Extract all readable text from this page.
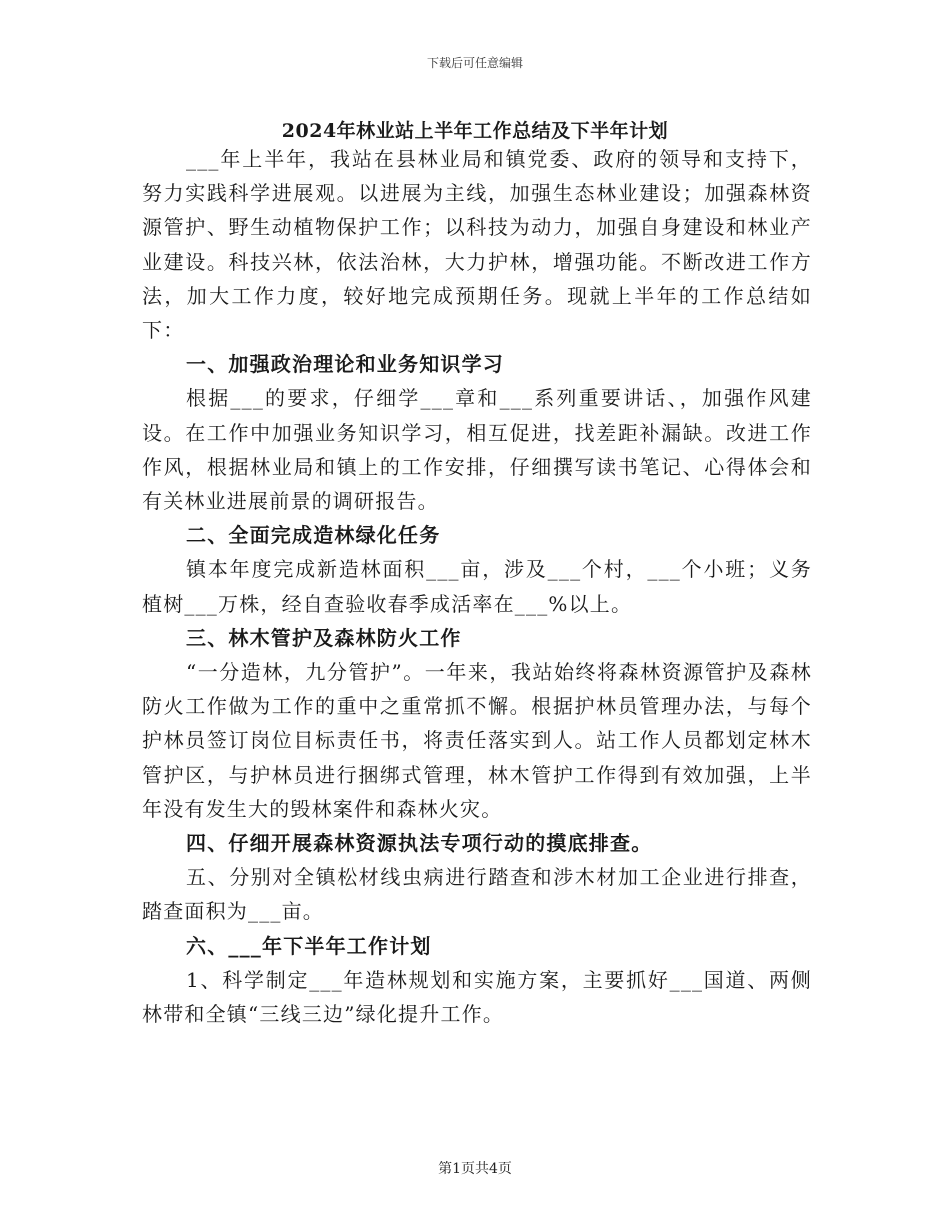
下载后可任意编辑
2024年林业站上半年工作总结及下半年计划

___年上半年，我站在县林业局和镇党委、政府的领导和支持下，努力实践科学进展观。以进展为主线，加强生态林业建设；加强森林资源管护、野生动植物保护工作；以科技为动力，加强自身建设和林业产业建设。科技兴林，依法治林，大力护林，增强功能。不断改进工作方法，加大工作力度，较好地完成预期任务。现就上半年的工作总结如下：

一、加强政治理论和业务知识学习

根据___的要求，仔细学___章和___系列重要讲话、，加强作风建设。在工作中加强业务知识学习，相互促进，找差距补漏缺。改进工作作风，根据林业局和镇上的工作安排，仔细撰写读书笔记、心得体会和有关林业进展前景的调研报告。

二、全面完成造林绿化任务

镇本年度完成新造林面积___亩，涉及___个村，___个小班；义务植树___万株，经自查验收春季成活率在___%以上。

三、林木管护及森林防火工作

“一分造林，九分管护”。一年来，我站始终将森林资源管护及森林防火工作做为工作的重中之重常抓不懈。根据护林员管理办法，与每个护林员签订岗位目标责任书，将责任落实到人。站工作人员都划定林木管护区，与护林员进行捆绑式管理，林木管护工作得到有效加强，上半年没有发生大的毁林案件和森林火灾。

四、仔细开展森林资源执法专项行动的摸底排查。

五、分别对全镇松材线虫病进行踏查和涉木材加工企业进行排查，踏查面积为___亩。

六、___年下半年工作计划

1、科学制定___年造林规划和实施方案，主要抓好___国道、两侧林带和全镇“三线三边”绿化提升工作。

第1页共4页
